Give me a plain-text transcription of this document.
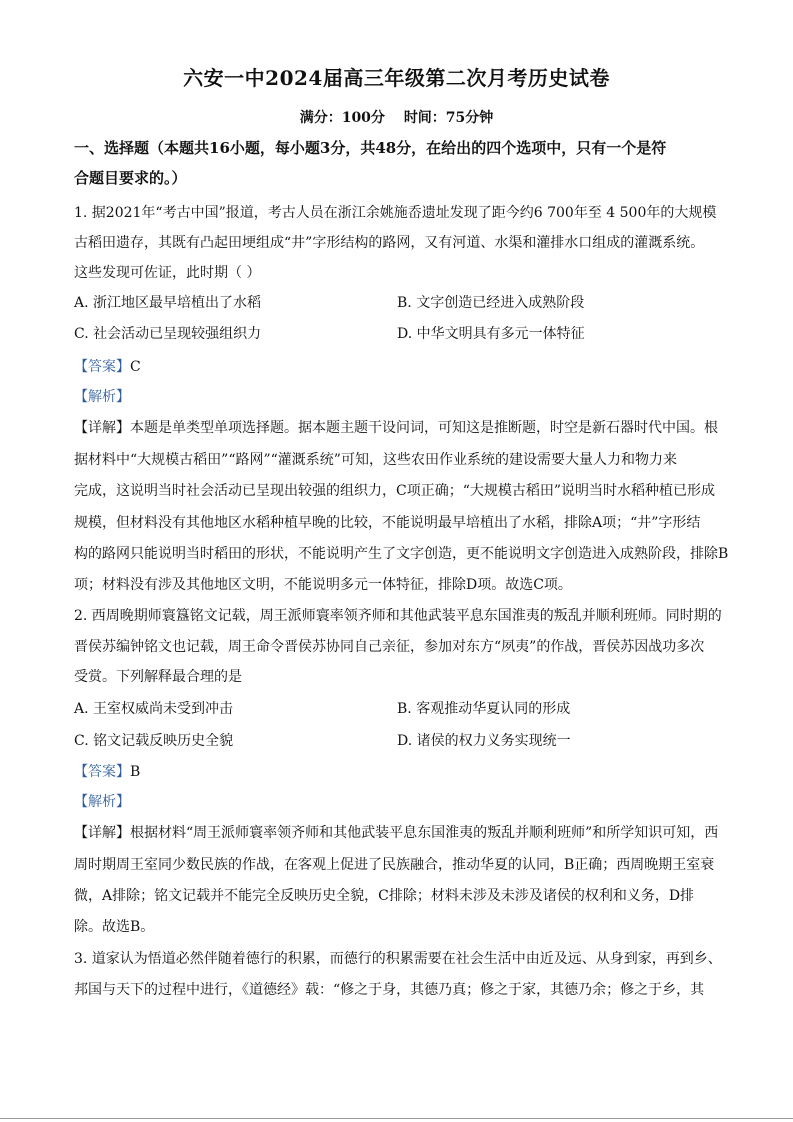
六安一中2024届高三年级第二次月考历史试卷
满分：100分 时间：75分钟
一、选择题（本题共16小题，每小题3分，共48分，在给出的四个选项中，只有一个是符
合题目要求的。）
1. 据2021年“考古中国”报道，考古人员在浙江余姚施岙遗址发现了距今约6 700年至 4 500年的大规模
古稻田遗存，其既有凸起田埂组成“井”字形结构的路网，又有河道、水渠和灌排水口组成的灌溉系统。
这些发现可佐证，此时期（ ）
A. 浙江地区最早培植出了水稻	B. 文字创造已经进入成熟阶段
C. 社会活动已呈现较强组织力	D. 中华文明具有多元一体特征
【答案】C
【解析】
【详解】本题是单类型单项选择题。据本题主题干设问词，可知这是推断题，时空是新石器时代中国。根
据材料中“大规模古稻田”“路网”“灌溉系统”可知，这些农田作业系统的建设需要大量人力和物力来
完成，这说明当时社会活动已呈现出较强的组织力，C项正确；“大规模古稻田”说明当时水稻种植已形成
规模，但材料没有其他地区水稻种植早晚的比较，不能说明最早培植出了水稻，排除A项；“井”字形结
构的路网只能说明当时稻田的形状，不能说明产生了文字创造，更不能说明文字创造进入成熟阶段，排除B
项；材料没有涉及其他地区文明，不能说明多元一体特征，排除D项。故选C项。
2. 西周晚期师寰簋铭文记载，周王派师寰率领齐师和其他武装平息东国淮夷的叛乱并顺利班师。同时期的
晋侯苏编钟铭文也记载，周王命令晋侯苏协同自己亲征，参加对东方“夙夷”的作战，晋侯苏因战功多次
受赏。下列解释最合理的是
A. 王室权威尚未受到冲击	B. 客观推动华夏认同的形成
C. 铭文记载反映历史全貌	D. 诸侯的权力义务实现统一
【答案】B
【解析】
【详解】根据材料“周王派师寰率领齐师和其他武装平息东国淮夷的叛乱并顺利班师”和所学知识可知，西
周时期周王室同少数民族的作战，在客观上促进了民族融合，推动华夏的认同，B正确；西周晚期王室衰
微，A排除；铭文记载并不能完全反映历史全貌，C排除；材料未涉及未涉及诸侯的权利和义务，D排
除。故选B。
3. 道家认为悟道必然伴随着德行的积累，而德行的积累需要在社会生活中由近及远、从身到家，再到乡、
邦国与天下的过程中进行，《道德经》载：“修之于身，其德乃真；修之于家，其德乃余；修之于乡，其
